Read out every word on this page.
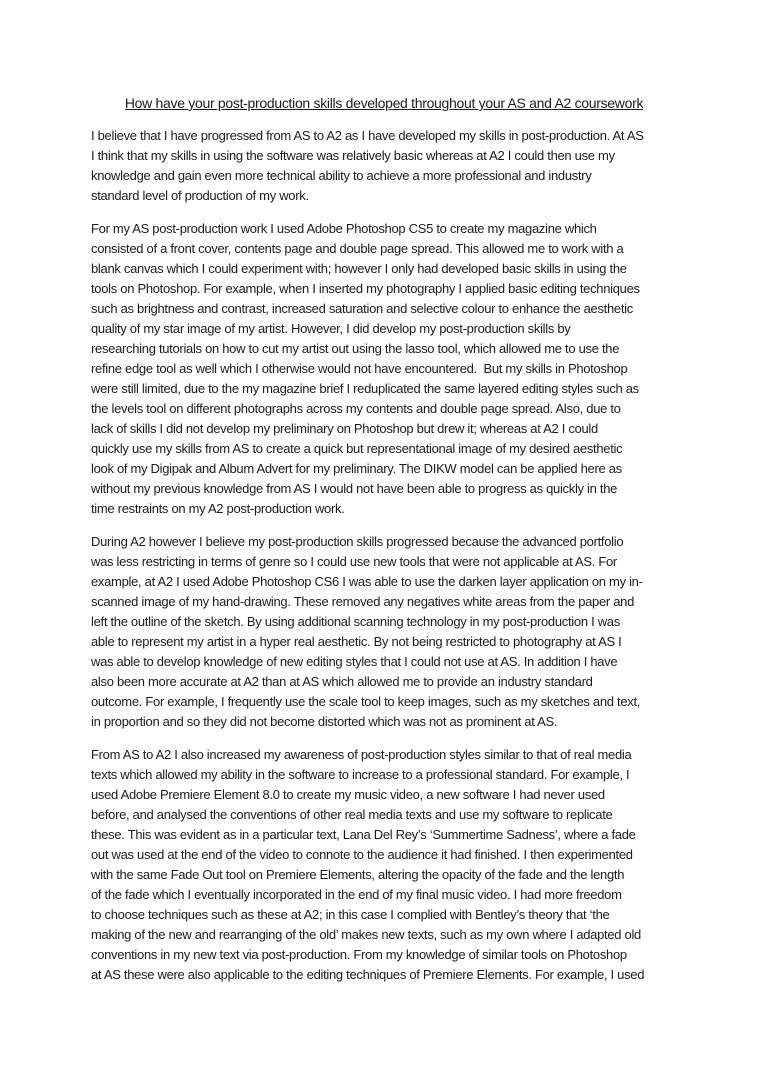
How have your post-production skills developed throughout your AS and A2 coursework
I believe that I have progressed from AS to A2 as I have developed my skills in post-production. At AS
I think that my skills in using the software was relatively basic whereas at A2 I could then use my
knowledge and gain even more technical ability to achieve a more professional and industry
standard level of production of my work.
For my AS post-production work I used Adobe Photoshop CS5 to create my magazine which
consisted of a front cover, contents page and double page spread. This allowed me to work with a
blank canvas which I could experiment with; however I only had developed basic skills in using the
tools on Photoshop. For example, when I inserted my photography I applied basic editing techniques
such as brightness and contrast, increased saturation and selective colour to enhance the aesthetic
quality of my star image of my artist. However, I did develop my post-production skills by
researching tutorials on how to cut my artist out using the lasso tool, which allowed me to use the
refine edge tool as well which I otherwise would not have encountered.  But my skills in Photoshop
were still limited, due to the my magazine brief I reduplicated the same layered editing styles such as
the levels tool on different photographs across my contents and double page spread. Also, due to
lack of skills I did not develop my preliminary on Photoshop but drew it; whereas at A2 I could
quickly use my skills from AS to create a quick but representational image of my desired aesthetic
look of my Digipak and Album Advert for my preliminary. The DIKW model can be applied here as
without my previous knowledge from AS I would not have been able to progress as quickly in the
time restraints on my A2 post-production work.
During A2 however I believe my post-production skills progressed because the advanced portfolio
was less restricting in terms of genre so I could use new tools that were not applicable at AS. For
example, at A2 I used Adobe Photoshop CS6 I was able to use the darken layer application on my in-
scanned image of my hand-drawing. These removed any negatives white areas from the paper and
left the outline of the sketch. By using additional scanning technology in my post-production I was
able to represent my artist in a hyper real aesthetic. By not being restricted to photography at AS I
was able to develop knowledge of new editing styles that I could not use at AS. In addition I have
also been more accurate at A2 than at AS which allowed me to provide an industry standard
outcome. For example, I frequently use the scale tool to keep images, such as my sketches and text,
in proportion and so they did not become distorted which was not as prominent at AS.
From AS to A2 I also increased my awareness of post-production styles similar to that of real media
texts which allowed my ability in the software to increase to a professional standard. For example, I
used Adobe Premiere Element 8.0 to create my music video, a new software I had never used
before, and analysed the conventions of other real media texts and use my software to replicate
these. This was evident as in a particular text, Lana Del Rey’s ‘Summertime Sadness’, where a fade
out was used at the end of the video to connote to the audience it had finished. I then experimented
with the same Fade Out tool on Premiere Elements, altering the opacity of the fade and the length
of the fade which I eventually incorporated in the end of my final music video. I had more freedom
to choose techniques such as these at A2; in this case I complied with Bentley’s theory that ‘the
making of the new and rearranging of the old’ makes new texts, such as my own where I adapted old
conventions in my new text via post-production. From my knowledge of similar tools on Photoshop
at AS these were also applicable to the editing techniques of Premiere Elements. For example, I used
